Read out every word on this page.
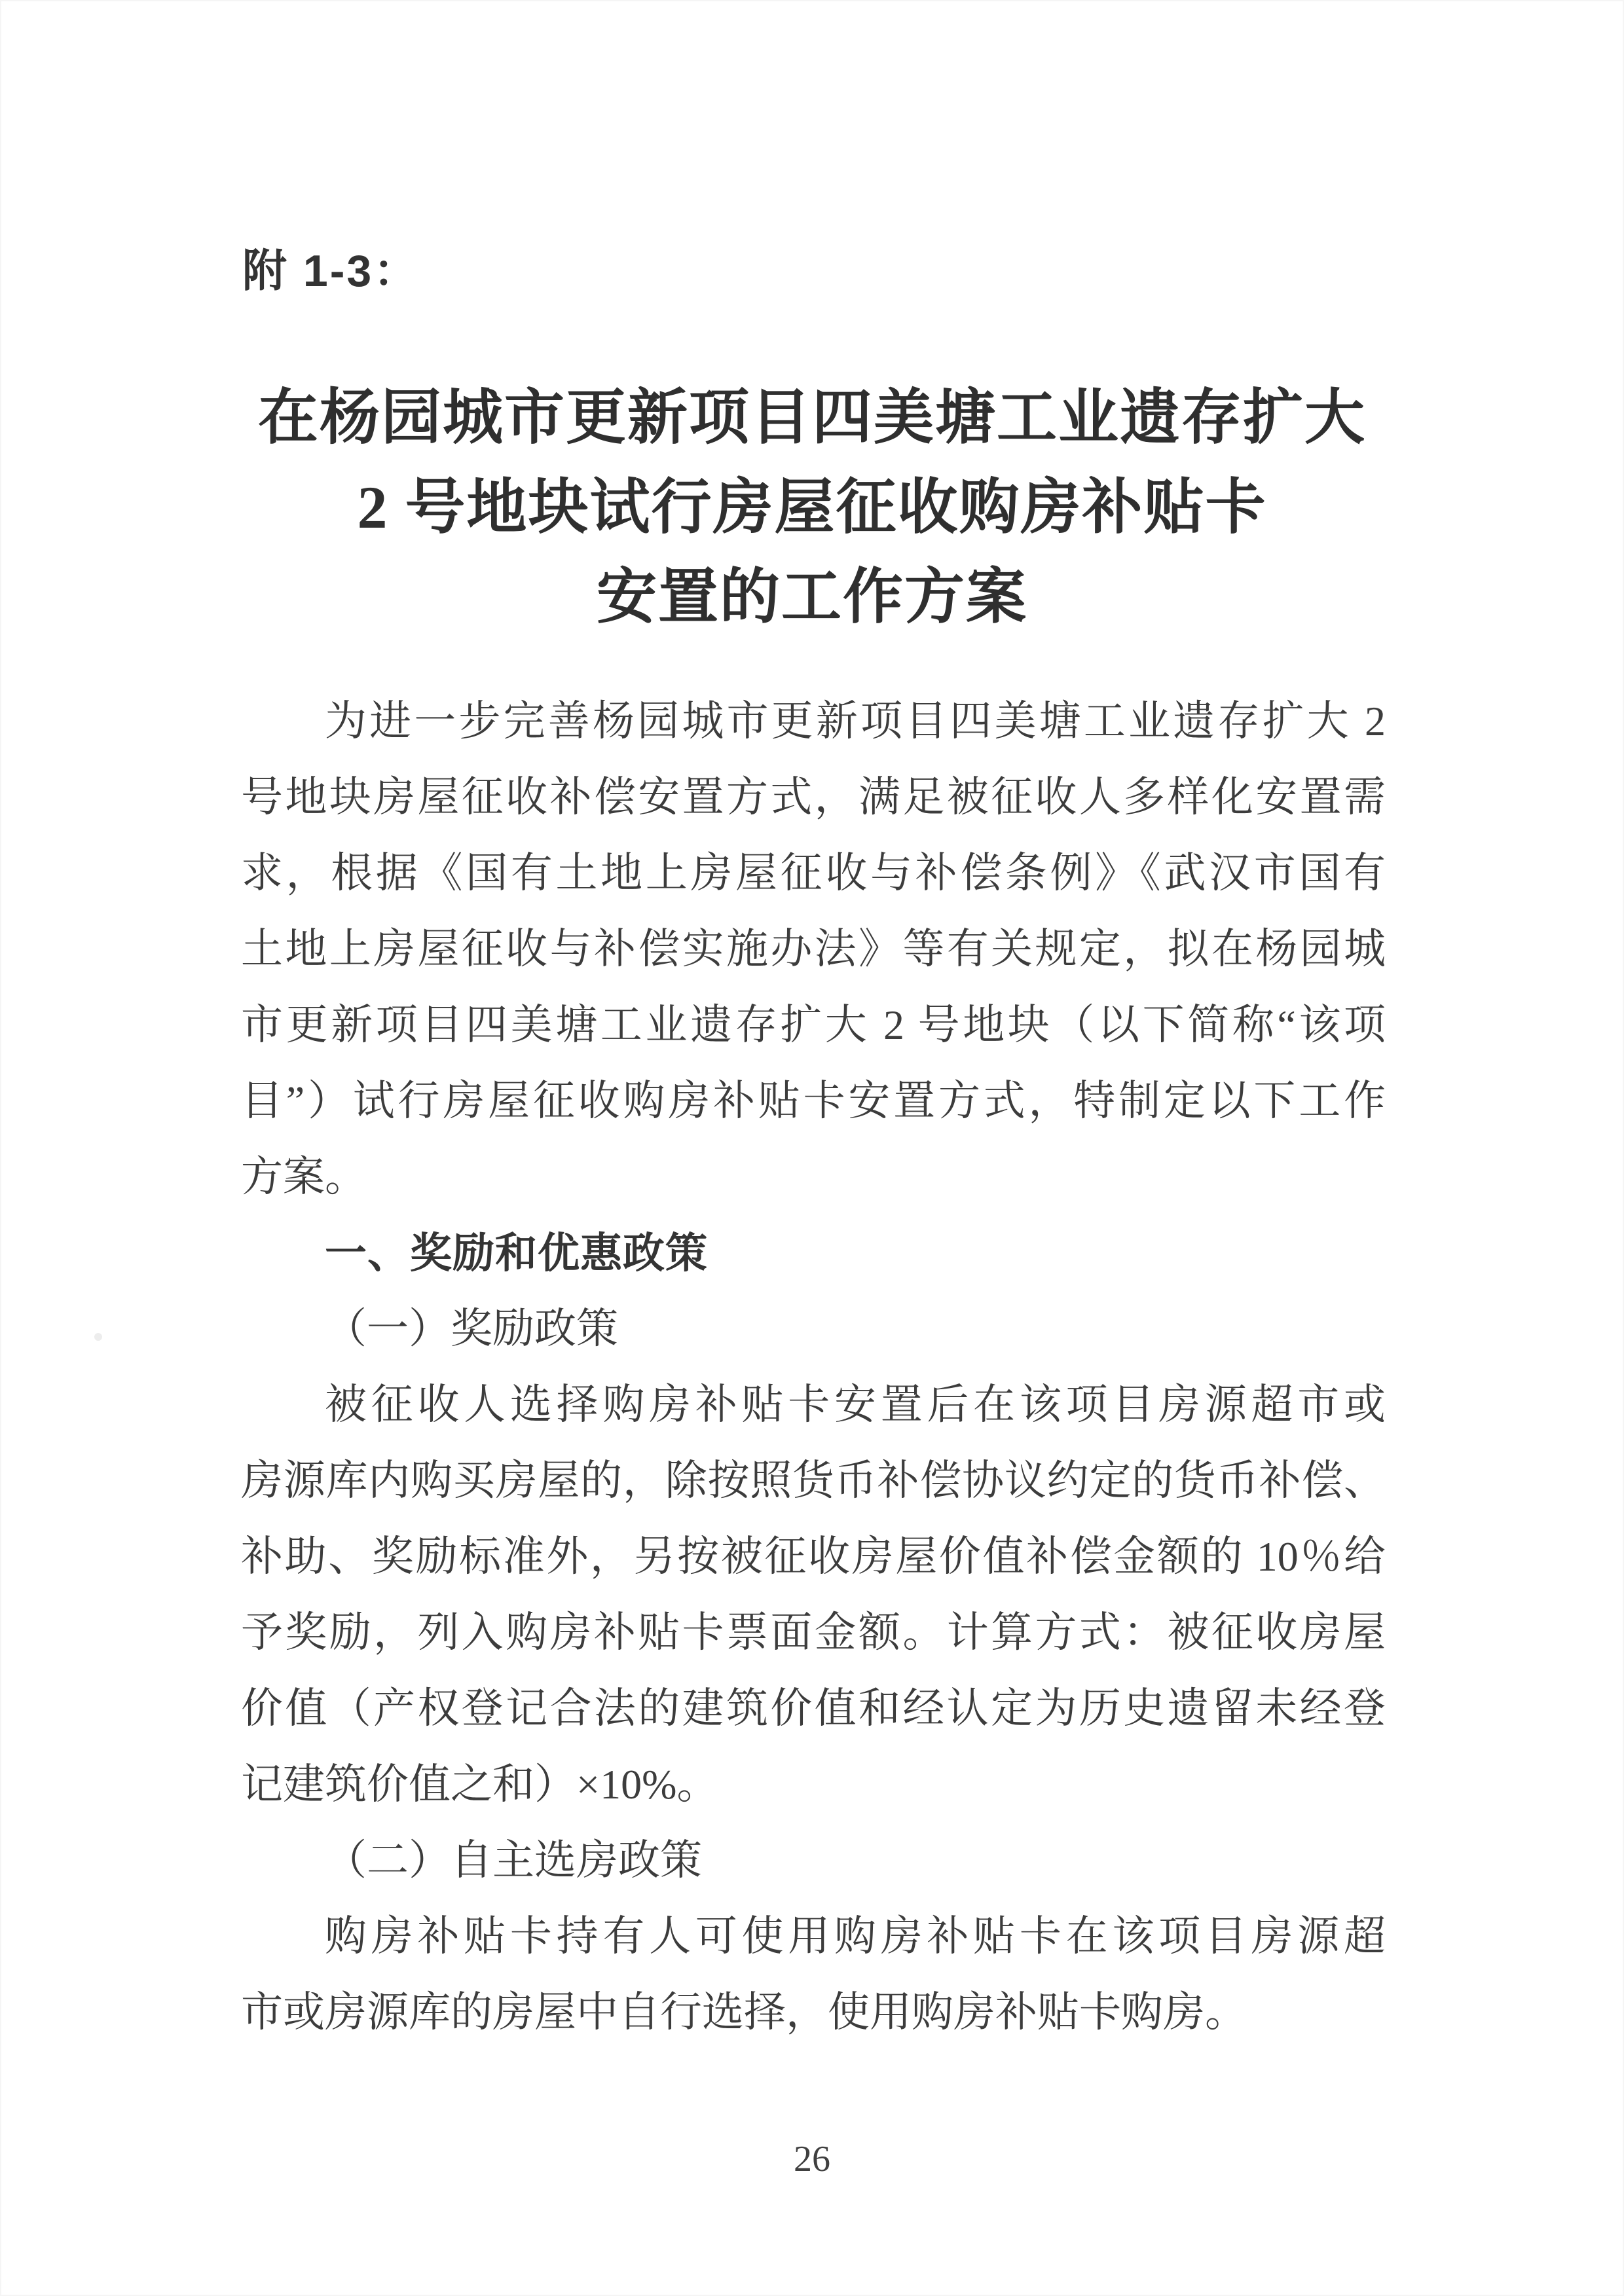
附 1-3：
在杨园城市更新项目四美塘工业遗存扩大
2 号地块试行房屋征收购房补贴卡
安置的工作方案
为进一步完善杨园城市更新项目四美塘工业遗存扩大 2
号地块房屋征收补偿安置方式，满足被征收人多样化安置需
求，根据《国有土地上房屋征收与补偿条例》《武汉市国有
土地上房屋征收与补偿实施办法》等有关规定，拟在杨园城
市更新项目四美塘工业遗存扩大 2 号地块（以下简称“该项
目”）试行房屋征收购房补贴卡安置方式，特制定以下工作
方案。
一、奖励和优惠政策
（一）奖励政策
被征收人选择购房补贴卡安置后在该项目房源超市或
房源库内购买房屋的，除按照货币补偿协议约定的货币补偿、
补助、奖励标准外，另按被征收房屋价值补偿金额的 10％给
予奖励，列入购房补贴卡票面金额。计算方式：被征收房屋
价值（产权登记合法的建筑价值和经认定为历史遗留未经登
记建筑价值之和）×10%。
（二）自主选房政策
购房补贴卡持有人可使用购房补贴卡在该项目房源超
市或房源库的房屋中自行选择，使用购房补贴卡购房。
26
